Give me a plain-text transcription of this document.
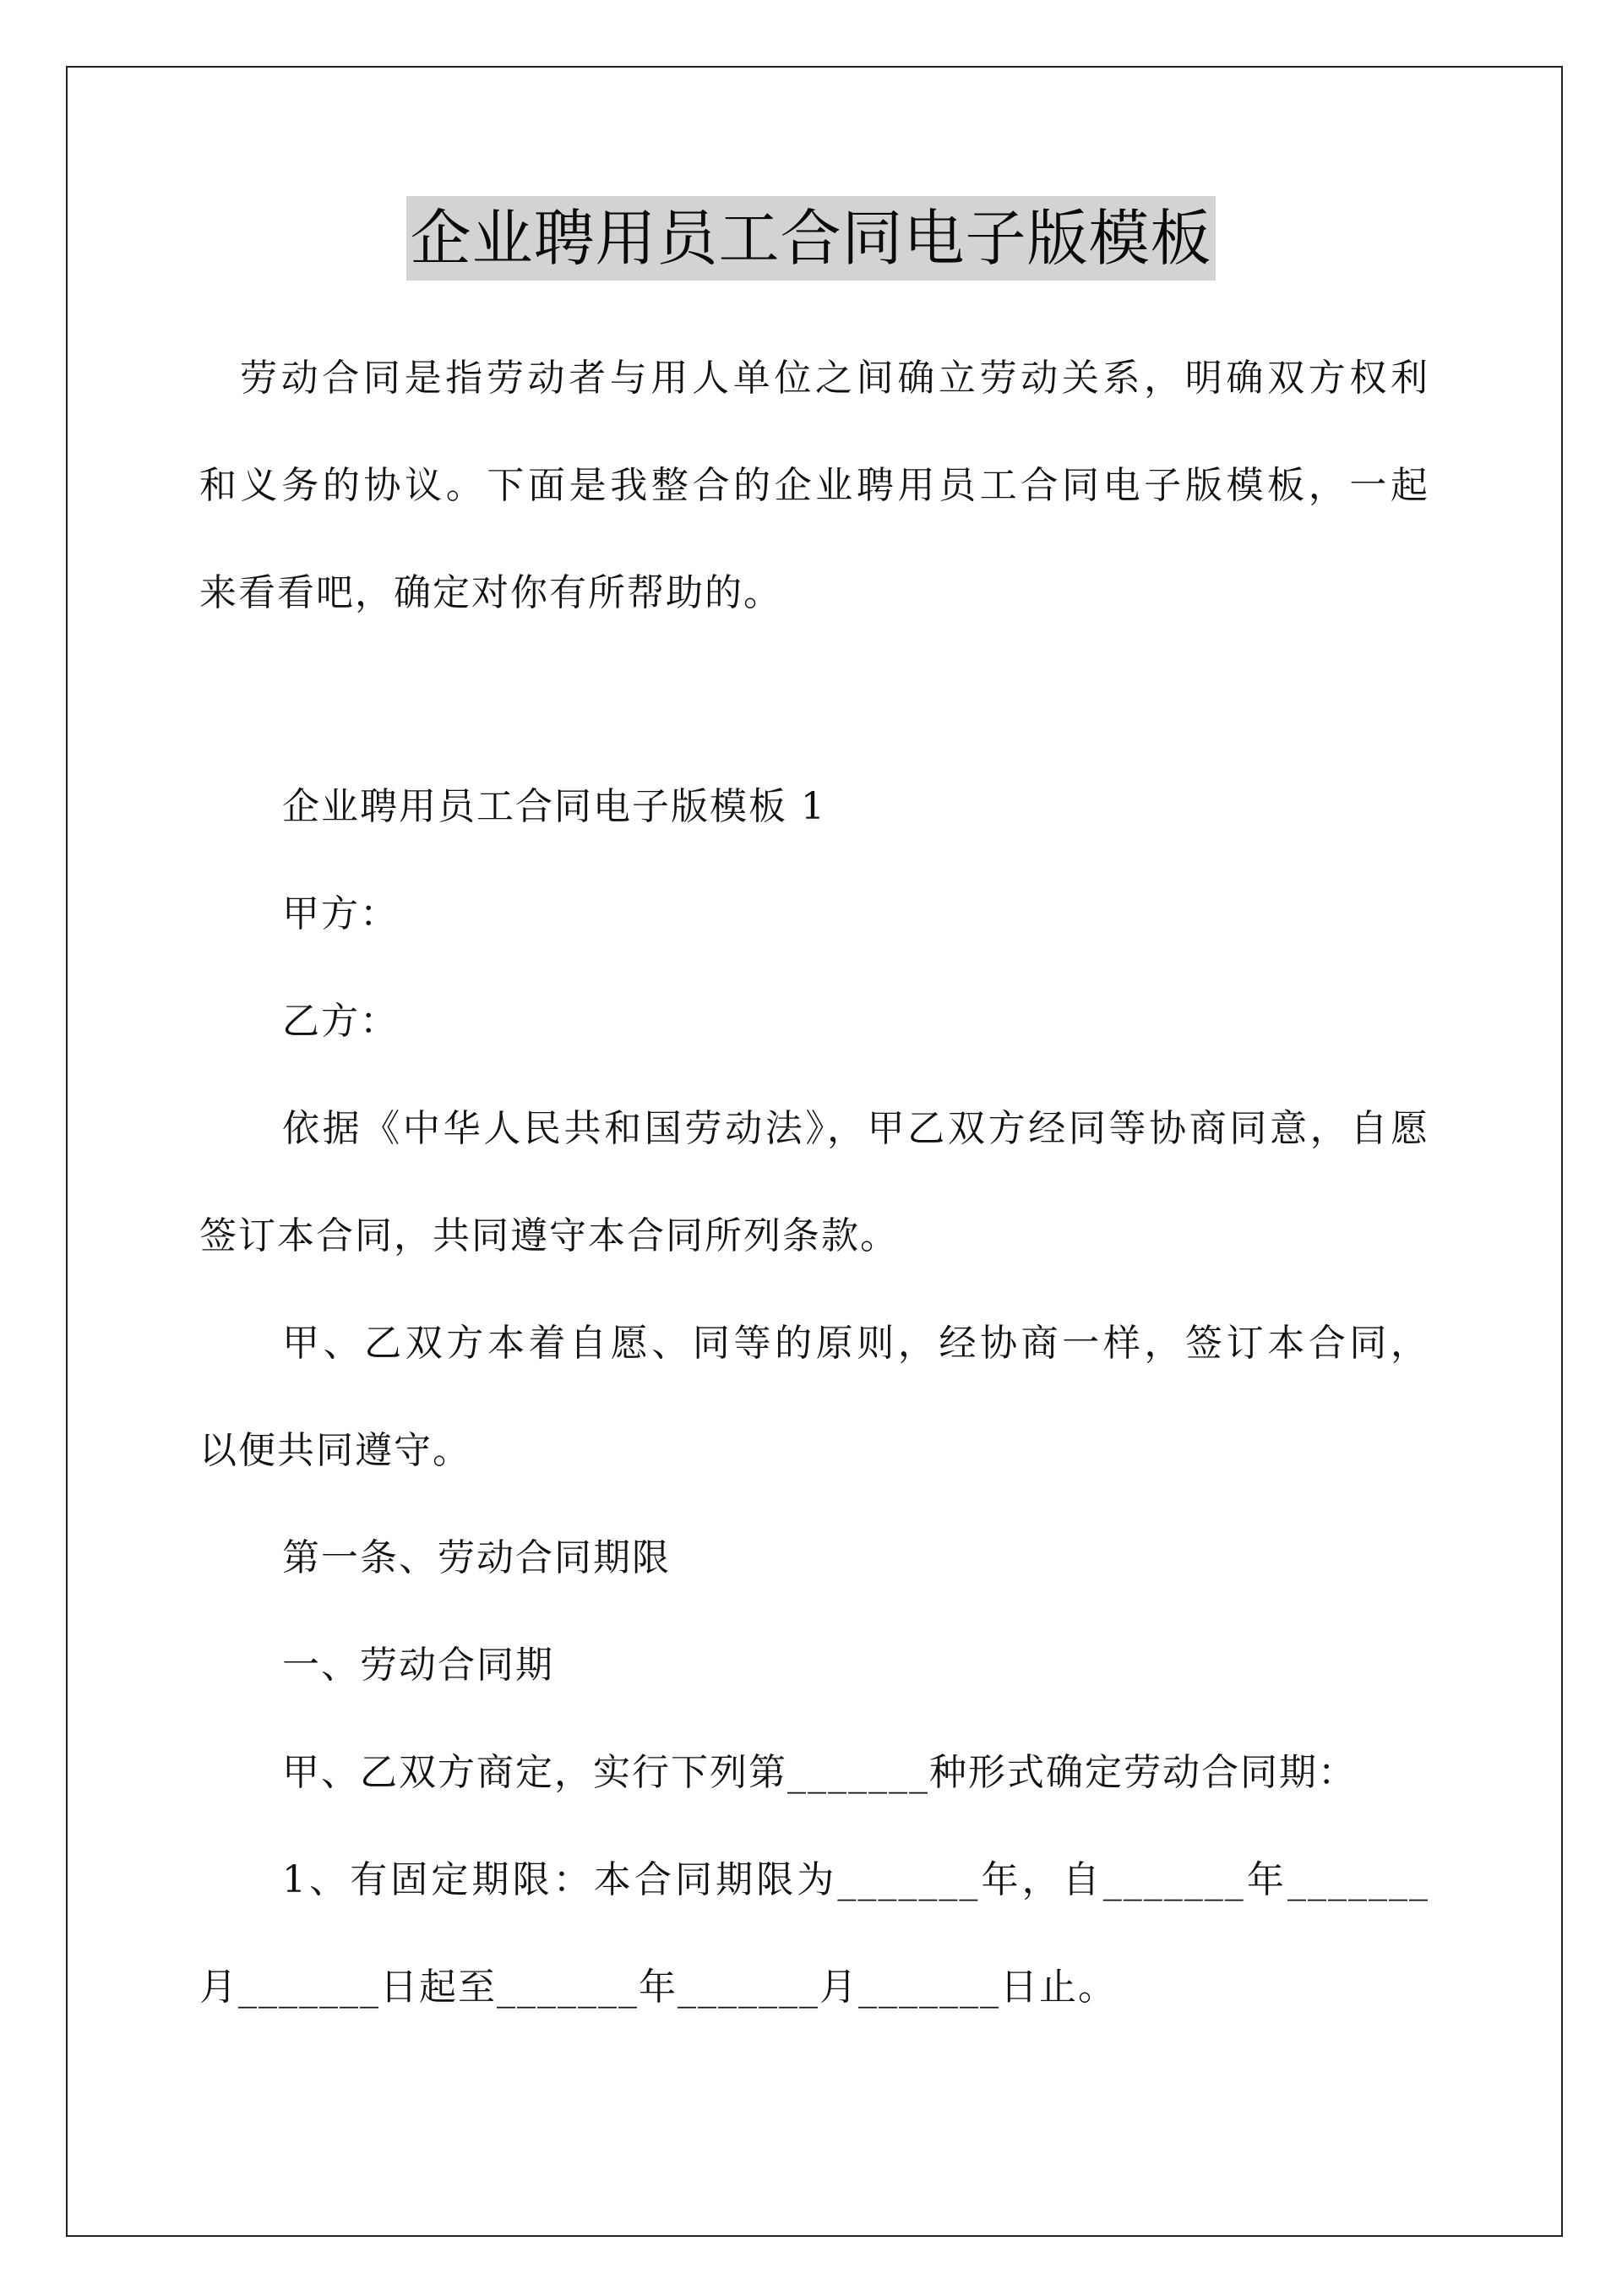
企业聘用员工合同电子版模板
劳动合同是指劳动者与用人单位之间确立劳动关系，明确双方权利
和义务的协议。下面是我整合的企业聘用员工合同电子版模板，一起
来看看吧，确定对你有所帮助的。
企业聘用员工合同电子版模板 1
甲方：
乙方：
依据《中华人民共和国劳动法》，甲乙双方经同等协商同意，自愿
签订本合同，共同遵守本合同所列条款。
甲、乙双方本着自愿、同等的原则，经协商一样，签订本合同，
以便共同遵守。
第一条、劳动合同期限
一、劳动合同期
甲、乙双方商定，实行下列第_______种形式确定劳动合同期：
1、有固定期限：本合同期限为_______年，自_______年_______
月_______日起至_______年_______月_______日止。
